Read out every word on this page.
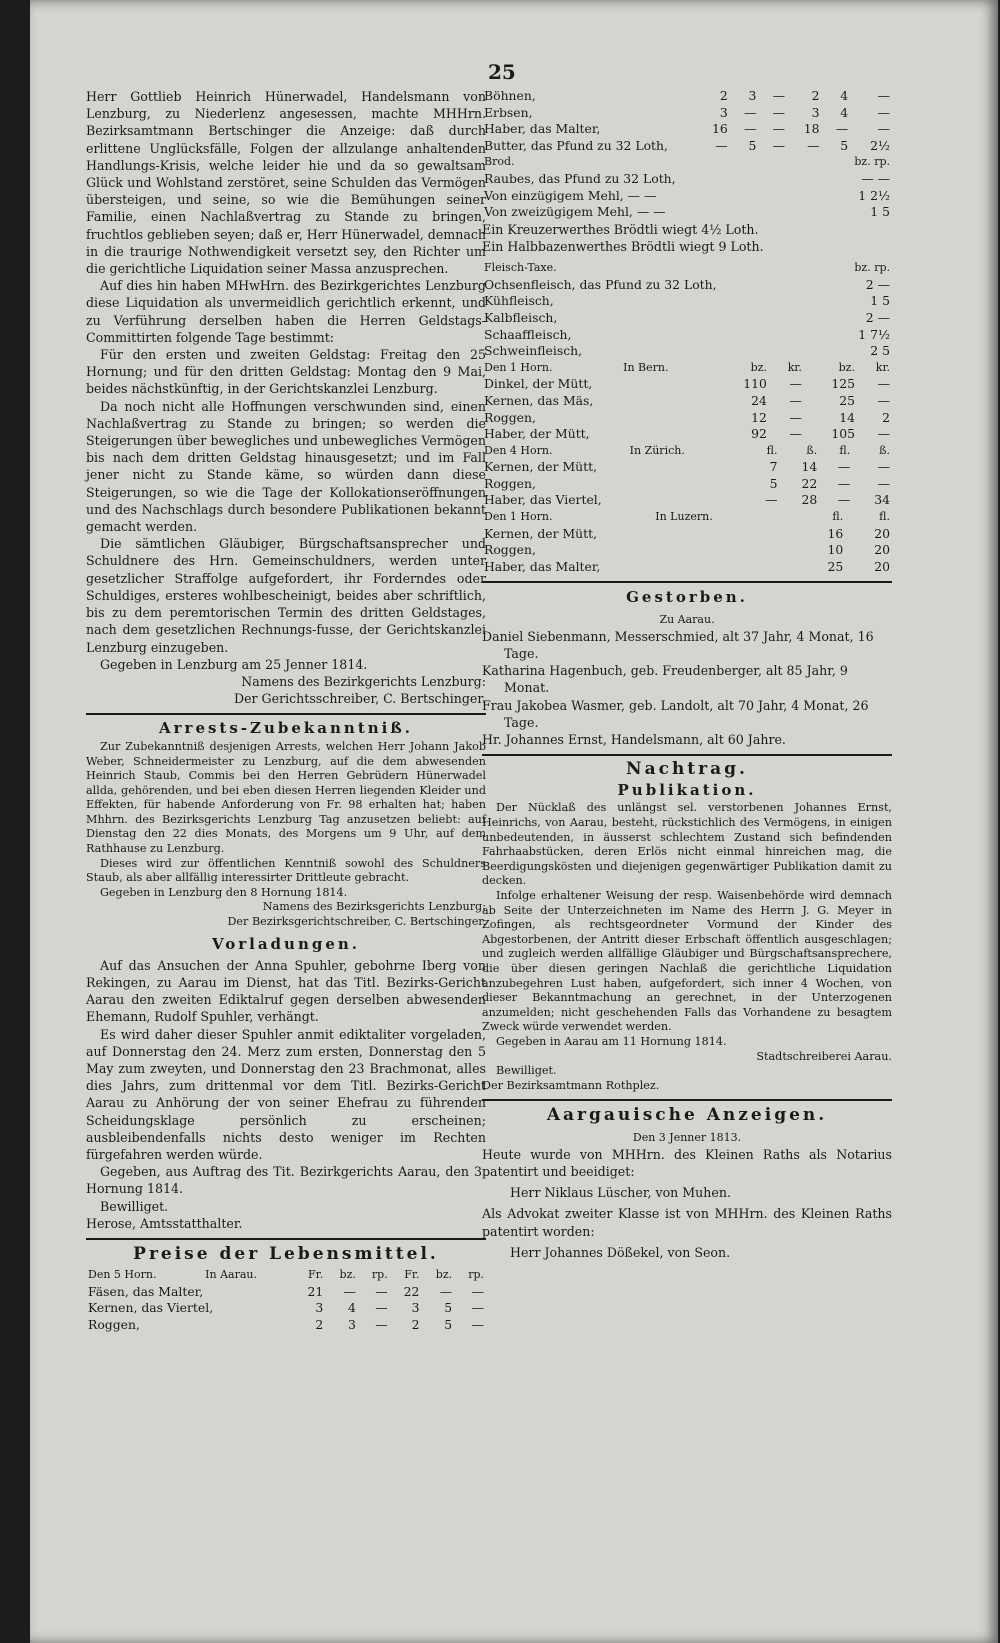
25

Herr Gottlieb Heinrich Hünerwadel, Handelsmann von Lenzburg, zu Niederlenz angesessen, machte MHHrn. Bezirksamtmann Bertschinger die Anzeige: daß durch erlittene Unglücksfälle, Folgen der allzulange anhaltenden Handlungs-Krisis, welche leider hie und da so gewaltsam Glück und Wohlstand zerstöret, seine Schulden das Vermögen übersteigen, und seine, so wie die Bemühungen seiner Familie, einen Nachlaßvertrag zu Stande zu bringen, fruchtlos geblieben seyen; daß er, Herr Hünerwadel, demnach in die traurige Nothwendigkeit versetzt sey, den Richter um die gerichtliche Liquidation seiner Massa anzusprechen.

Auf dies hin haben MHwHrn. des Bezirkgerichtes Lenzburg diese Liquidation als unvermeidlich gerichtlich erkennt, und zu Verführung derselben haben die Herren Geldstags-Committirten folgende Tage bestimmt:

Für den ersten und zweiten Geldstag: Freitag den 25 Hornung; und für den dritten Geldstag: Montag den 9 Mai, beides nächstkünftig, in der Gerichtskanzlei Lenzburg.

Da noch nicht alle Hoffnungen verschwunden sind, einen Nachlaßvertrag zu Stande zu bringen; so werden die Steigerungen über bewegliches und unbewegliches Vermögen bis nach dem dritten Geldstag hinausgesetzt; und im Fall jener nicht zu Stande käme, so würden dann diese Steigerungen, so wie die Tage der Kollokationseröffnungen und des Nachschlags durch besondere Publikationen bekannt gemacht werden.

Die sämtlichen Gläubiger, Bürgschaftsansprecher und Schuldnere des Hrn. Gemeinschuldners, werden unter gesetzlicher Straffolge aufgefordert, ihr Forderndes oder Schuldiges, ersteres wohlbescheinigt, beides aber schriftlich, bis zu dem peremtorischen Termin des dritten Geldstages, nach dem gesetzlichen Rechnungs-fusse, der Gerichtskanzlei Lenzburg einzugeben.

Gegeben in Lenzburg am 25 Jenner 1814.

Namens des Bezirkgerichts Lenzburg:

Der Gerichtsschreiber, C. Bertschinger.

Arrests-Zubekanntniß.

Zur Zubekanntniß desjenigen Arrests, welchen Herr Johann Jakob Weber, Schneidermeister zu Lenzburg, auf die dem abwesenden Heinrich Staub, Commis bei den Herren Gebrüdern Hünerwadel allda, gehörenden, und bei eben diesen Herren liegenden Kleider und Effekten, für habende Anforderung von Fr. 98 erhalten hat; haben Mhhrn. des Bezirksgerichts Lenzburg Tag anzusetzen beliebt: auf Dienstag den 22 dies Monats, des Morgens um 9 Uhr, auf dem Rathhause zu Lenzburg.

Dieses wird zur öffentlichen Kenntniß sowohl des Schuldners Staub, als aber allfällig interessirter Drittleute gebracht.

Gegeben in Lenzburg den 8 Hornung 1814.

Namens des Bezirksgerichts Lenzburg:

Der Bezirksgerichtschreiber, C. Bertschinger.

Vorladungen.

Auf das Ansuchen der Anna Spuhler, gebohrne Iberg von Rekingen, zu Aarau im Dienst, hat das Titl. Bezirks-Gericht Aarau den zweiten Ediktalruf gegen derselben abwesenden Ehemann, Rudolf Spuhler, verhängt.

Es wird daher dieser Spuhler anmit ediktaliter vorgeladen, auf Donnerstag den 24. Merz zum ersten, Donnerstag den 5 May zum zweyten, und Donnerstag den 23 Brachmonat, alles dies Jahrs, zum drittenmal vor dem Titl. Bezirks-Gericht Aarau zu Anhörung der von seiner Ehefrau zu führenden Scheidungsklage persönlich zu erscheinen; ausbleibendenfalls nichts desto weniger im Rechten fürgefahren werden würde.

Gegeben, aus Auftrag des Tit. Bezirkgerichts Aarau, den 3. Hornung 1814.

Bewilliget.

Herose, Amtsstatthalter.

Preise der Lebensmittel.
Den 5 Horn.	In Aarau.	Fr.	bz.	rp.	Fr.	bz.	rp.
Fäsen, das Malter,		21	—	—	22	—	—
Kernen, das Viertel,		3	4	—	3	5	—
Roggen,		2	3	—	2	5	—
Böhnen,	2	3	—	2	4	—
Erbsen,	3	—	—	3	4	—
Haber, das Malter,	16	—	—	18	—	—
Butter, das Pfund zu 32 Loth,	—	5	—	—	5	2½
Brod.	bz. rp.
Raubes, das Pfund zu 32 Loth,	— —
Von einzügigem Mehl, — —	1 2½
Von zweizügigem Mehl, — —	1 5
Ein Kreuzerwerthes Brödtli wiegt 4½ Loth.
Ein Halbbazenwerthes Brödtli wiegt 9 Loth.
Fleisch-Taxe.	bz. rp.
Ochsenfleisch, das Pfund zu 32 Loth,	2 —
Kühfleisch,	1 5
Kalbfleisch,	2 —
Schaaffleisch,	1 7½
Schweinfleisch,	2 5
Den 1 Horn.	In Bern.	bz.	kr.	bz.	kr.
Dinkel, der Mütt,		110	—	125	—
Kernen, das Mäs,		24	—	25	—
Roggen,		12	—	14	2
Haber, der Mütt,		92	—	105	—
Den 4 Horn.	In Zürich.	fl.	ß.	fl.	ß.
Kernen, der Mütt,		7	14	—	—
Roggen,		5	22	—	—
Haber, das Viertel,		—	28	—	34
Den 1 Horn.	In Luzern.	fl.	fl.
Kernen, der Mütt,		16	20
Roggen,		10	20
Haber, das Malter,		25	20
Gestorben.
Zu Aarau.

Daniel Siebenmann, Messerschmied, alt 37 Jahr, 4 Monat, 16 Tage.

Katharina Hagenbuch, geb. Freudenberger, alt 85 Jahr, 9 Monat.

Frau Jakobea Wasmer, geb. Landolt, alt 70 Jahr, 4 Monat, 26 Tage.

Hr. Johannes Ernst, Handelsmann, alt 60 Jahre.

Nachtrag.
Publikation.

Der Nücklaß des unlängst sel. verstorbenen Johannes Ernst, Heinrichs, von Aarau, besteht, rückstichlich des Vermögens, in einigen unbedeutenden, in äusserst schlechtem Zustand sich befindenden Fahrhaabstücken, deren Erlös nicht einmal hinreichen mag, die Beerdigungskösten und diejenigen gegenwärtiger Publikation damit zu decken.

Infolge erhaltener Weisung der resp. Waisenbehörde wird demnach ab Seite der Unterzeichneten im Name des Herrn J. G. Meyer in Zofingen, als rechtsgeordneter Vormund der Kinder des Abgestorbenen, der Antritt dieser Erbschaft öffentlich ausgeschlagen; und zugleich werden allfällige Gläubiger und Bürgschaftsansprechere, die über diesen geringen Nachlaß die gerichtliche Liquidation anzubegehren Lust haben, aufgefordert, sich inner 4 Wochen, von dieser Bekanntmachung an gerechnet, in der Unterzogenen anzumelden; nicht geschehenden Falls das Vorhandene zu besagtem Zweck würde verwendet werden.

Gegeben in Aarau am 11 Hornung 1814.

Stadtschreiberei Aarau.

Bewilliget.

Der Bezirksamtmann Rothplez.

Aargauische Anzeigen.
Den 3 Jenner 1813.

Heute wurde von MHHrn. des Kleinen Raths als Notarius patentirt und beeidiget:

Herr Niklaus Lüscher, von Muhen.

Als Advokat zweiter Klasse ist von MHHrn. des Kleinen Raths patentirt worden:

Herr Johannes Dößekel, von Seon.
